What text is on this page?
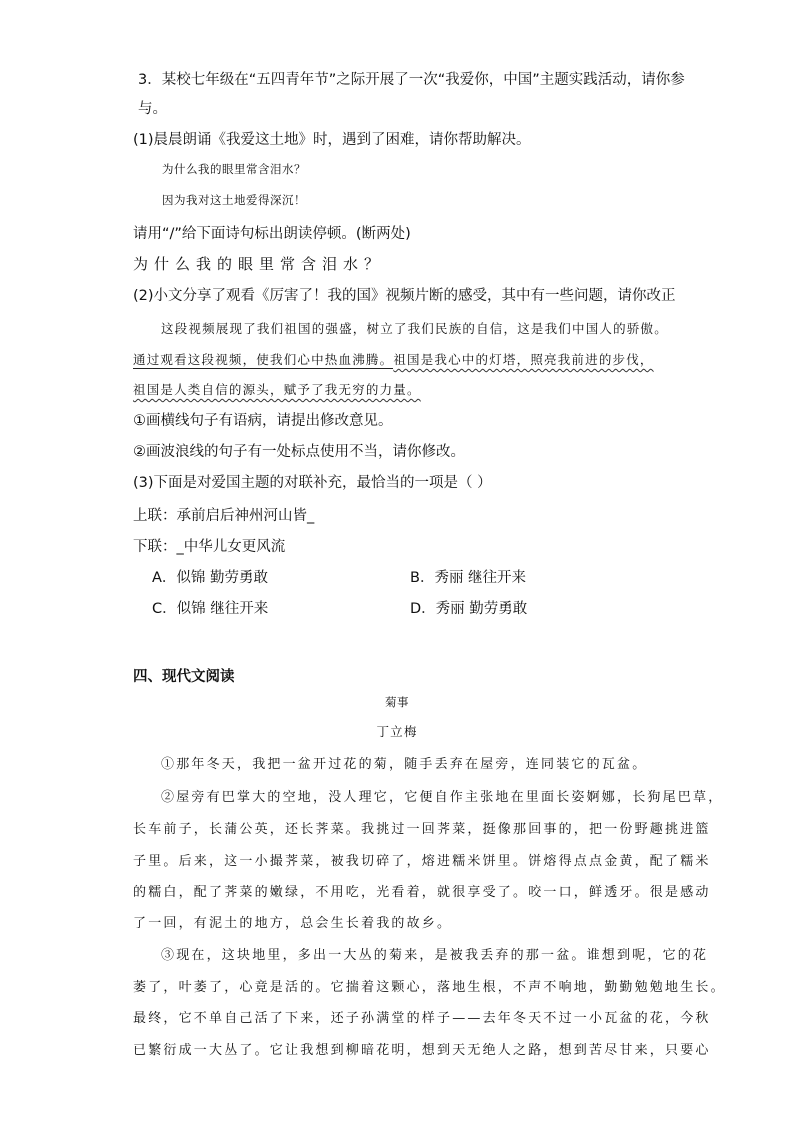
3．某校七年级在“五四青年节”之际开展了一次“我爱你，中国”主题实践活动，请你参
与。
(1)晨晨朗诵《我爱这土地》时，遇到了困难，请你帮助解决。
为什么我的眼里常含泪水？
因为我对这土地爱得深沉！
请用“/”给下面诗句标出朗读停顿。(断两处)
为什么我的眼里常含泪水？
(2)小文分享了观看《厉害了！我的国》视频片断的感受，其中有一些问题，请你改正
这段视频展现了我们祖国的强盛，树立了我们民族的自信，这是我们中国人的骄傲。
通过观看这段视频，使我们心中热血沸腾。祖国是我心中的灯塔，照亮我前进的步伐，
祖国是人类自信的源头，赋予了我无穷的力量。
①画横线句子有语病，请提出修改意见。
②画波浪线的句子有一处标点使用不当，请你修改。
(3)下面是对爱国主题的对联补充，最恰当的一项是（ ）
上联：承前启后神州河山皆_
下联：_中华儿女更风流
A．似锦 勤劳勇敢	B．秀丽 继往开来
C．似锦 继往开来	D．秀丽 勤劳勇敢
四、现代文阅读
菊事
丁立梅
①那年冬天，我把一盆开过花的菊，随手丢弃在屋旁，连同装它的瓦盆。
②屋旁有巴掌大的空地，没人理它，它便自作主张地在里面长姿婀娜，长狗尾巴草，
长车前子，长蒲公英，还长荠菜。我挑过一回荠菜，挺像那回事的，把一份野趣挑进篮
子里。后来，这一小撮荠菜，被我切碎了，熔进糯米饼里。饼熔得点点金黄，配了糯米
的糯白，配了荠菜的嫩绿，不用吃，光看着，就很享受了。咬一口，鲜透牙。很是感动
了一回，有泥土的地方，总会生长着我的故乡。
③现在，这块地里，多出一大丛的菊来，是被我丢弃的那一盆。谁想到呢，它的花
萎了，叶萎了，心竟是活的。它揣着这颗心，落地生根，不声不响地，勤勤勉勉地生长。
最终，它不单自己活了下来，还子孙满堂的样子——去年冬天不过一小瓦盆的花，今秋
已繁衍成一大丛了。它让我想到柳暗花明，想到天无绝人之路，想到苦尽甘来，只要心
